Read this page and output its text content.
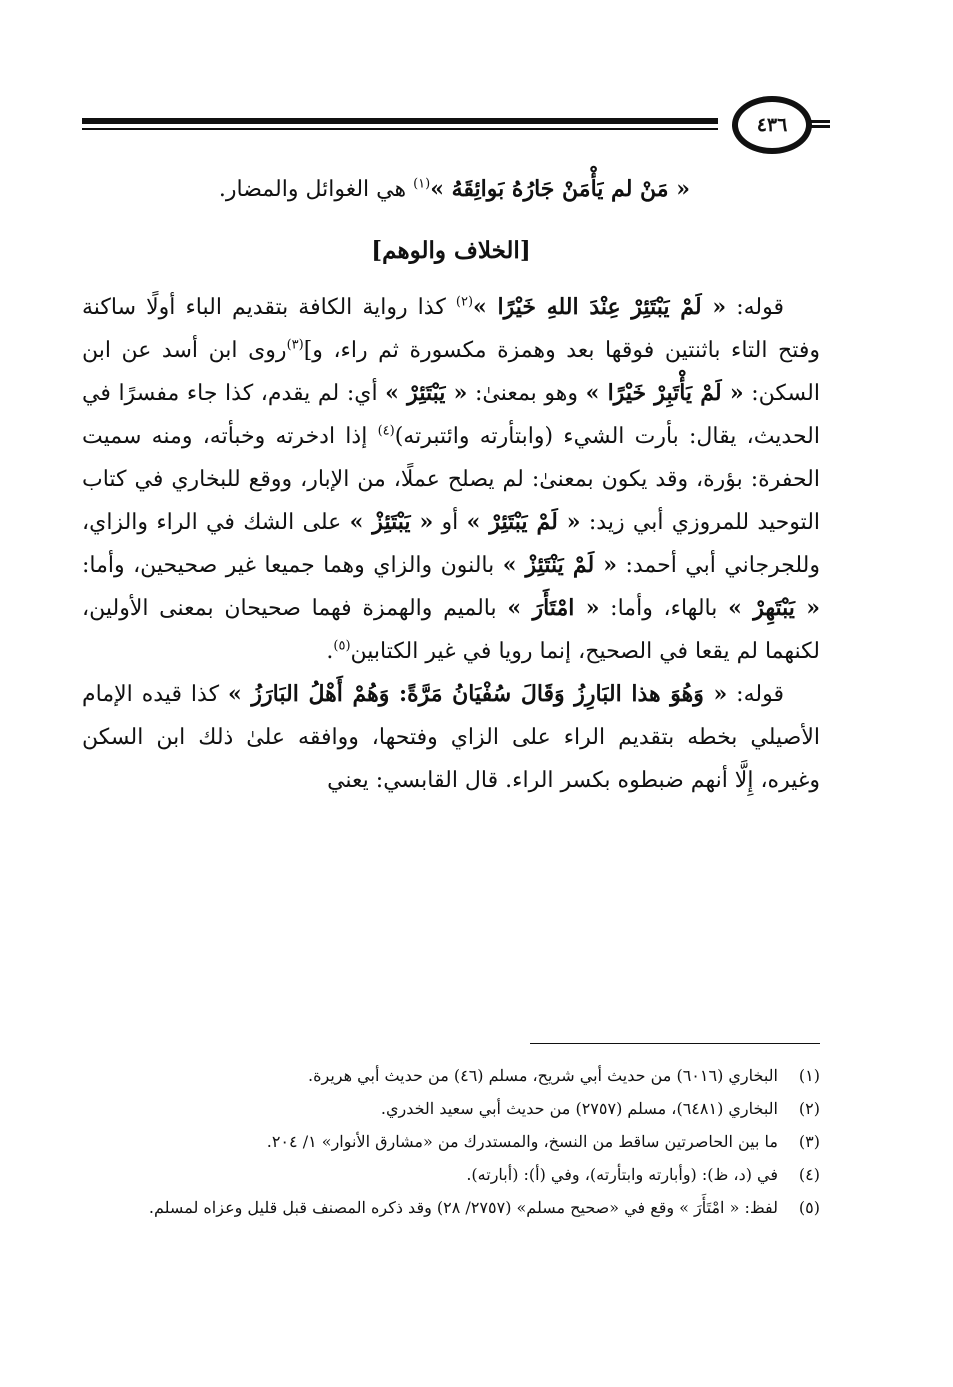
٤٣٦

« مَنْ لم يَأْمَنْ جَارُهُ بَوائِقَهُ »$^{(١)}$ هي الغوائل والمضار.

[الخلاف والوهم]

قوله: « لَمْ يَبْتَئِرْ عِنْدَ اللهِ خَيْرًا »$^{(٢)}$ كذا رواية الكافة بتقديم الباء أولًا ساكنة وفتح التاء باثنتين فوقها بعد وهمزة مكسورة ثم راء، و]$^{(٣)}$روى ابن أسد عن ابن السكن: « لَمْ يَأْتَبِرْ خَيْرًا » وهو بمعنىٰ: « يَبْتَئِرْ » أي: لم يقدم، كذا جاء مفسرًا في الحديث، يقال: بأرت الشيء (وابتأرته وائتبرته)$^{(٤)}$ إذا ادخرته وخبأته، ومنه سميت الحفرة: بؤرة، وقد يكون بمعنىٰ: لم يصلح عملًا، من الإبار، ووقع للبخاري في كتاب التوحيد للمروزي أبي زيد: « لَمْ يَبْتَئِرْ » أو « يَبْتَئِزْ » على الشك في الراء والزاي، وللجرجاني أبي أحمد: « لَمْ يَنْتَئِزْ » بالنون والزاي وهما جميعا غير صحيحين، وأما: « يَبْتَهِرْ » بالهاء، وأما: « امْتَأَرَ » بالميم والهمزة فهما صحيحان بمعنى الأولين، لكنهما لم يقعا في الصحيح، إنما رويا في غير الكتابين$^{(٥)}$.

قوله: « وَهُوَ هذا البَارِزُ وَقَالَ سُفْيَانُ مَرَّةً: وَهُمْ أَهْلُ البَارَزُ » كذا قيده الإمام الأصيلي بخطه بتقديم الراء على الزاي وفتحها، ووافقه علىٰ ذلك ابن السكن وغيره، إِلَّا أنهم ضبطوه بكسر الراء. قال القابسي: يعني

(١)
البخاري (٦٠١٦) من حديث أبي شريح، مسلم (٤٦) من حديث أبي هريرة.
(٢)
البخاري (٦٤٨١)، مسلم (٢٧٥٧) من حديث أبي سعيد الخدري.
(٣)
ما بين الحاصرتين ساقط من النسخ، والمستدرك من «مشارق الأنوار» ١/ ٢٠٤.
(٤)
في (د، ظ): (وأبارته وابتأرته)، وفي (أ): (أبارته).
(٥)
لفظ: « امْتَأَرَ » وقع في «صحيح مسلم» (٢٧٥٧/ ٢٨) وقد ذكره المصنف قبل قليل وعزاه لمسلم.
